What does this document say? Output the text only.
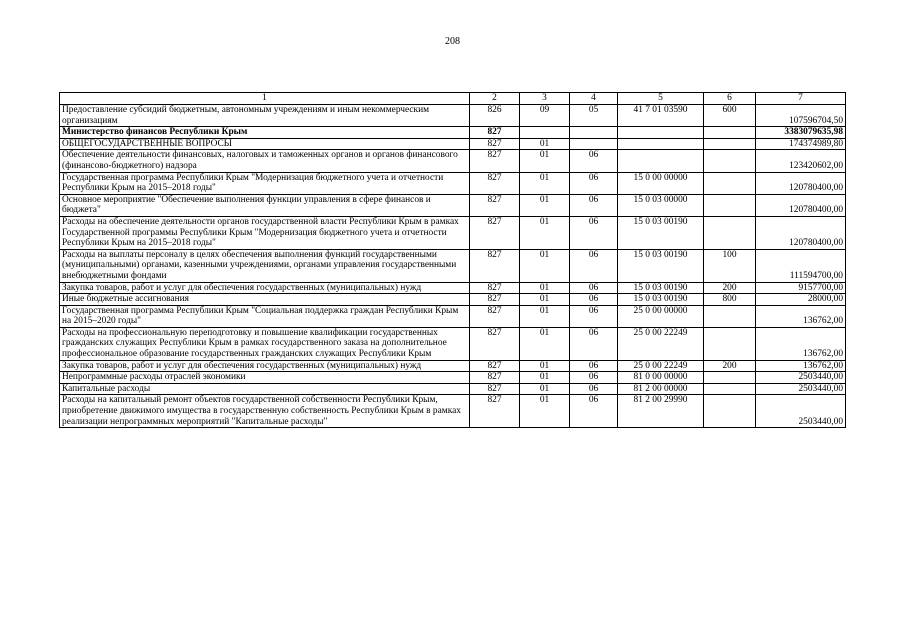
208
1	2	3	4	5	6	7
Предоставление субсидий бюджетным, автономным учреждениям и иным некоммерческим организациям	826	09	05	41 7 01 03590	600	107596704,50
Министерство финансов Республики Крым	827					3383079635,98
ОБЩЕГОСУДАРСТВЕННЫЕ ВОПРОСЫ	827	01				174374989,80
Обеспечение деятельности финансовых, налоговых и таможенных органов и органов финансового (финансово-бюджетного) надзора	827	01	06			123420602,00
Государственная программа Республики Крым "Модернизация бюджетного учета и отчетности Республики Крым на 2015–2018 годы"	827	01	06	15 0 00 00000		120780400,00
Основное мероприятие "Обеспечение выполнения функции управления в сфере финансов и бюджета"	827	01	06	15 0 03 00000		120780400,00
Расходы на обеспечение деятельности органов государственной власти Республики Крым в рамках Государственной программы Республики Крым "Модернизация бюджетного учета и отчетности Республики Крым на 2015–2018 годы"	827	01	06	15 0 03 00190		120780400,00
Расходы на выплаты персоналу в целях обеспечения выполнения функций государственными (муниципальными) органами, казенными учреждениями, органами управления государственными внебюджетными фондами	827	01	06	15 0 03 00190	100	111594700,00
Закупка товаров, работ и услуг для обеспечения государственных (муниципальных) нужд	827	01	06	15 0 03 00190	200	9157700,00
Иные бюджетные ассигнования	827	01	06	15 0 03 00190	800	28000,00
Государственная программа Республики Крым "Социальная поддержка граждан Республики Крым на 2015–2020 годы"	827	01	06	25 0 00 00000		136762,00
Расходы на профессиональную переподготовку и повышение квалификации государственных гражданских служащих Республики Крым в рамках государственного заказа на дополнительное профессиональное образование государственных гражданских служащих Республики Крым	827	01	06	25 0 00 22249		136762,00
Закупка товаров, работ и услуг для обеспечения государственных (муниципальных) нужд	827	01	06	25 0 00 22249	200	136762,00
Непрограммные расходы отраслей экономики	827	01	06	81 0 00 00000		2503440,00
Капитальные расходы	827	01	06	81 2 00 00000		2503440,00
Расходы на капитальный ремонт объектов государственной собственности Республики Крым, приобретение движимого имущества в государственную собственность Республики Крым в рамках реализации непрограммных мероприятий "Капитальные расходы"	827	01	06	81 2 00 29990		2503440,00
